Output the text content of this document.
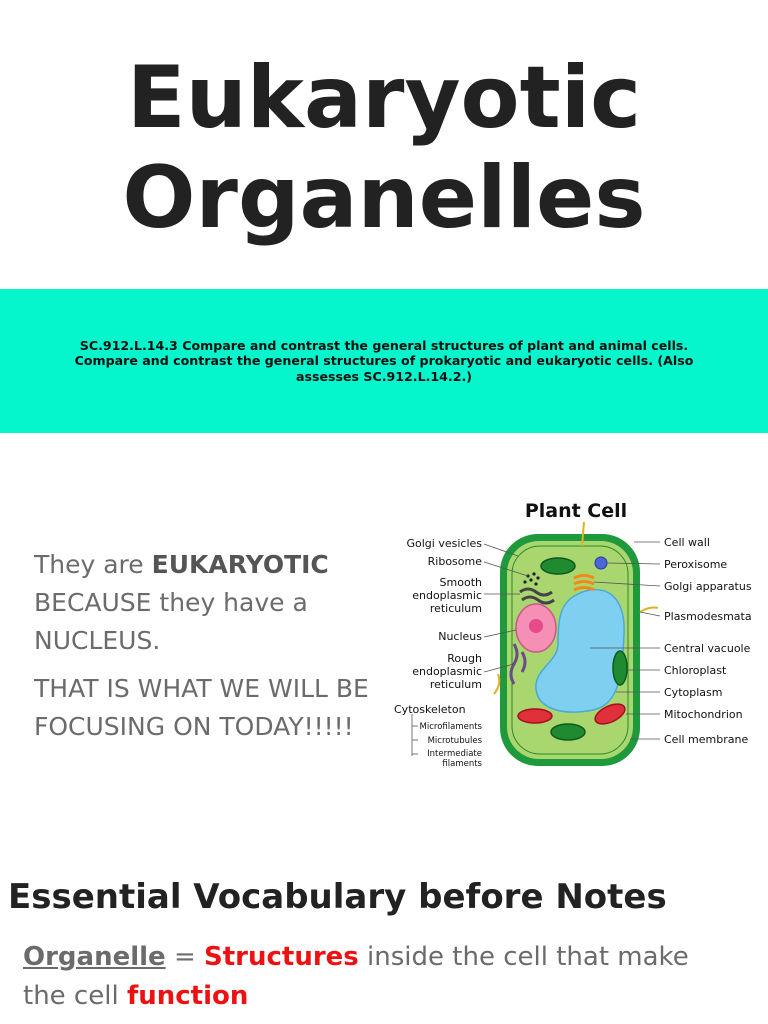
Eukaryotic
Organelles

SC.912.L.14.3 Compare and contrast the general structures of plant and animal cells. Compare and contrast the general structures of prokaryotic and eukaryotic cells. (Also assesses SC.912.L.14.2.)

They are EUKARYOTIC BECAUSE they have a NUCLEUS.

THAT IS WHAT WE WILL BE FOCUSING ON TODAY!!!!!

Plant Cell
Golgi vesicles
Ribosome
Smooth
endoplasmic
reticulum
Nucleus
Rough
endoplasmic
reticulum
Cytoskeleton
Microfilaments
Microtubules
Intermediate
filaments
Cell wall
Peroxisome
Golgi apparatus
Plasmodesmata
Central vacuole
Chloroplast
Cytoplasm
Mitochondrion
Cell membrane
Essential Vocabulary before Notes

Organelle = Structures inside the cell that make the cell function
